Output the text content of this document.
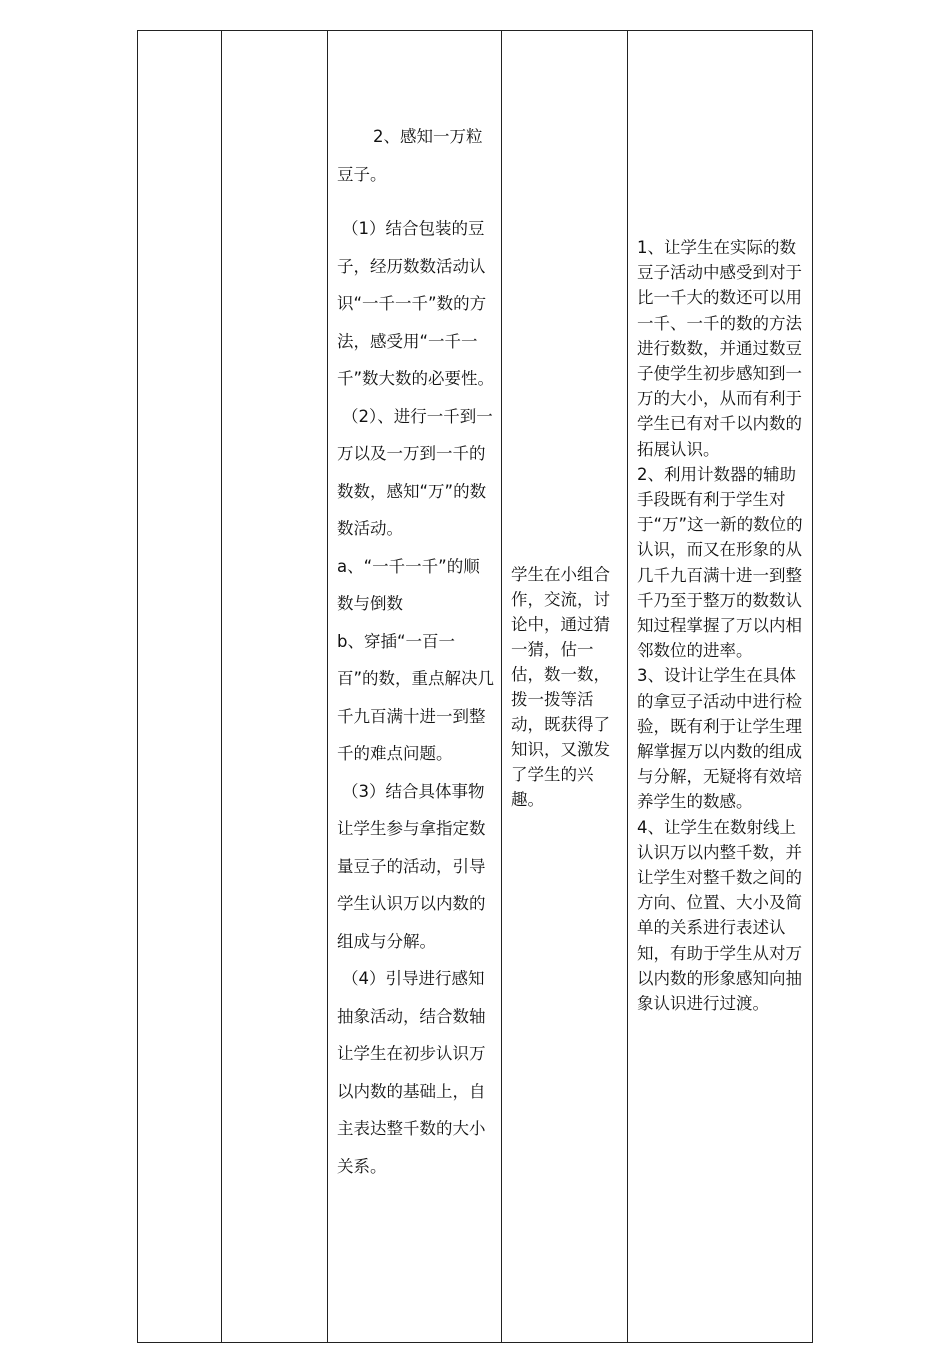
2、感知一万粒豆子。

（1）结合包装的豆子，经历数数活动认识“一千一千”数的方法，感受用“一千一千”数大数的必要性。

（2）、进行一千到一万以及一万到一千的数数，感知“万”的数数活动。

a、“一千一千”的顺数与倒数

b、穿插“一百一百”的数，重点解决几千九百满十进一到整千的难点问题。

（3）结合具体事物让学生参与拿指定数量豆子的活动，引导学生认识万以内数的组成与分解。

（4）引导进行感知抽象活动，结合数轴让学生在初步认识万以内数的基础上，自主表达整千数的大小关系。

学生在小组合作，交流，讨论中，通过猜一猜，估一估，数一数，拨一拨等活动，既获得了知识，又激发了学生的兴趣。

1、让学生在实际的数豆子活动中感受到对于比一千大的数还可以用一千、一千的数的方法进行数数，并通过数豆子使学生初步感知到一万的大小，从而有利于学生已有对千以内数的拓展认识。

2、利用计数器的辅助手段既有利于学生对于“万”这一新的数位的认识，而又在形象的从几千九百满十进一到整千乃至于整万的数数认知过程掌握了万以内相邻数位的进率。

3、设计让学生在具体的拿豆子活动中进行检验，既有利于让学生理解掌握万以内数的组成与分解，无疑将有效培养学生的数感。

4、让学生在数射线上认识万以内整千数，并让学生对整千数之间的方向、位置、大小及简单的关系进行表述认知，有助于学生从对万以内数的形象感知向抽象认识进行过渡。
